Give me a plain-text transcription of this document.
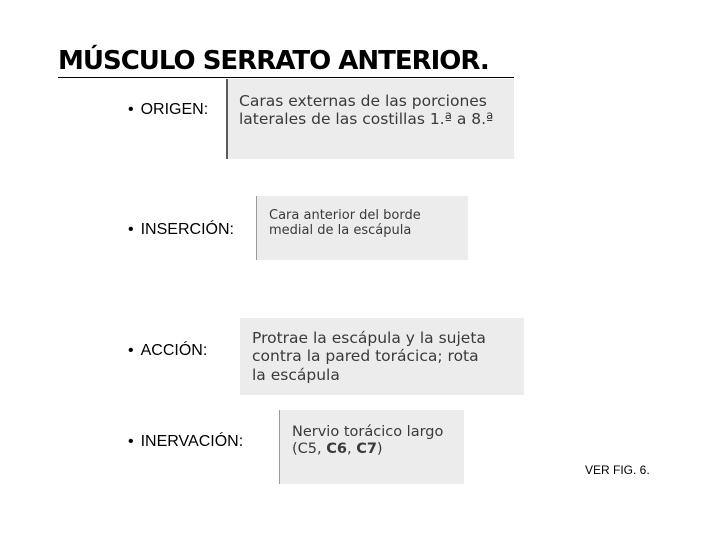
MÚSCULO SERRATO ANTERIOR.
• ORIGEN: Caras externas de las porciones
laterales de las costillas 1.ª a 8.ª
• INSERCIÓN:
Cara anterior del borde
medial de la escápula
• ACCIÓN:
Protrae la escápula y la sujeta
contra la pared torácica; rota
la escápula
• INERVACIÓN:
Nervio torácico largo
(C5, C6, C7)
VER FIG. 6.
